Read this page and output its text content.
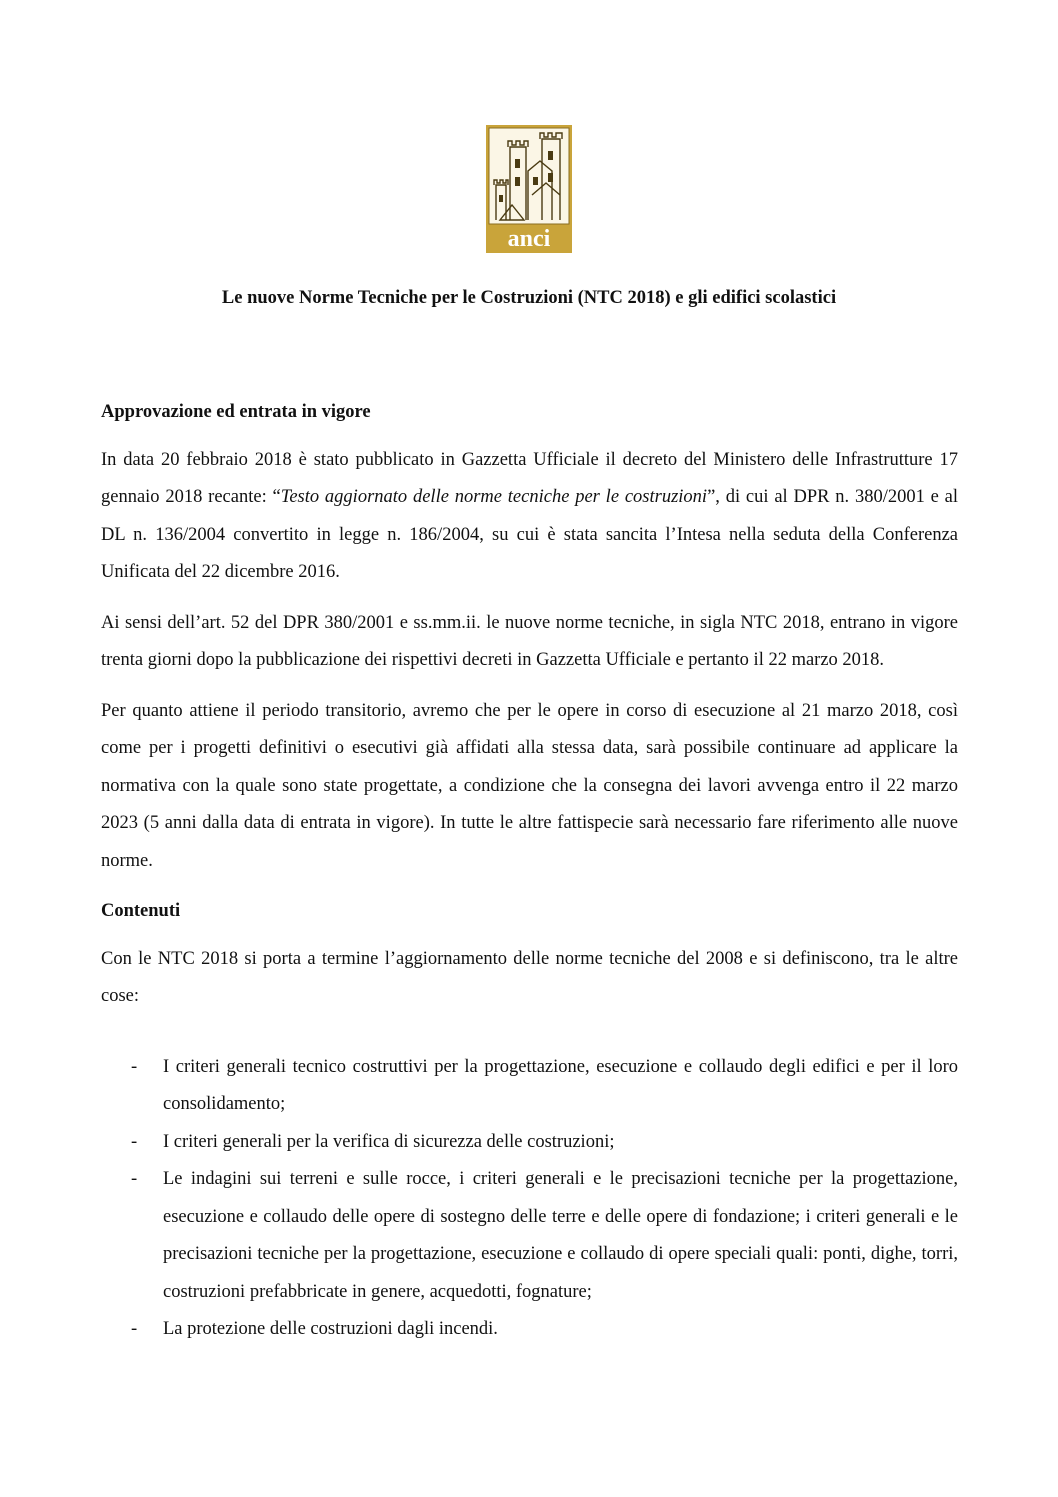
anci
Le nuove Norme Tecniche per le Costruzioni (NTC 2018) e gli edifici scolastici
Approvazione ed entrata in vigore

In data 20 febbraio 2018 è stato pubblicato in Gazzetta Ufficiale il decreto del Ministero delle Infrastrutture 17 gennaio 2018 recante: “Testo aggiornato delle norme tecniche per le costruzioni”, di cui al DPR n. 380/2001 e al DL n. 136/2004 convertito in legge n. 186/2004, su cui è stata sancita l’Intesa nella seduta della Conferenza Unificata del 22 dicembre 2016.

Ai sensi dell’art. 52 del DPR 380/2001 e ss.mm.ii. le nuove norme tecniche, in sigla NTC 2018, entrano in vigore trenta giorni dopo la pubblicazione dei rispettivi decreti in Gazzetta Ufficiale e pertanto il 22 marzo 2018.

Per quanto attiene il periodo transitorio, avremo che per le opere in corso di esecuzione al 21 marzo 2018, così come per i progetti definitivi o esecutivi già affidati alla stessa data, sarà possibile continuare ad applicare la normativa con la quale sono state progettate, a condizione che la consegna dei lavori avvenga entro il 22 marzo 2023 (5 anni dalla data di entrata in vigore). In tutte le altre fattispecie sarà necessario fare riferimento alle nuove norme.

Contenuti

Con le NTC 2018 si porta a termine l’aggiornamento delle norme tecniche del 2008 e si definiscono, tra le altre cose:

- I criteri generali tecnico costruttivi per la progettazione, esecuzione e collaudo degli edifici e per il loro consolidamento;
- I criteri generali per la verifica di sicurezza delle costruzioni;
- Le indagini sui terreni e sulle rocce, i criteri generali e le precisazioni tecniche per la progettazione, esecuzione e collaudo delle opere di sostegno delle terre e delle opere di fondazione; i criteri generali e le precisazioni tecniche per la progettazione, esecuzione e collaudo di opere speciali quali: ponti, dighe, torri, costruzioni prefabbricate in genere, acquedotti, fognature;
- La protezione delle costruzioni dagli incendi.
